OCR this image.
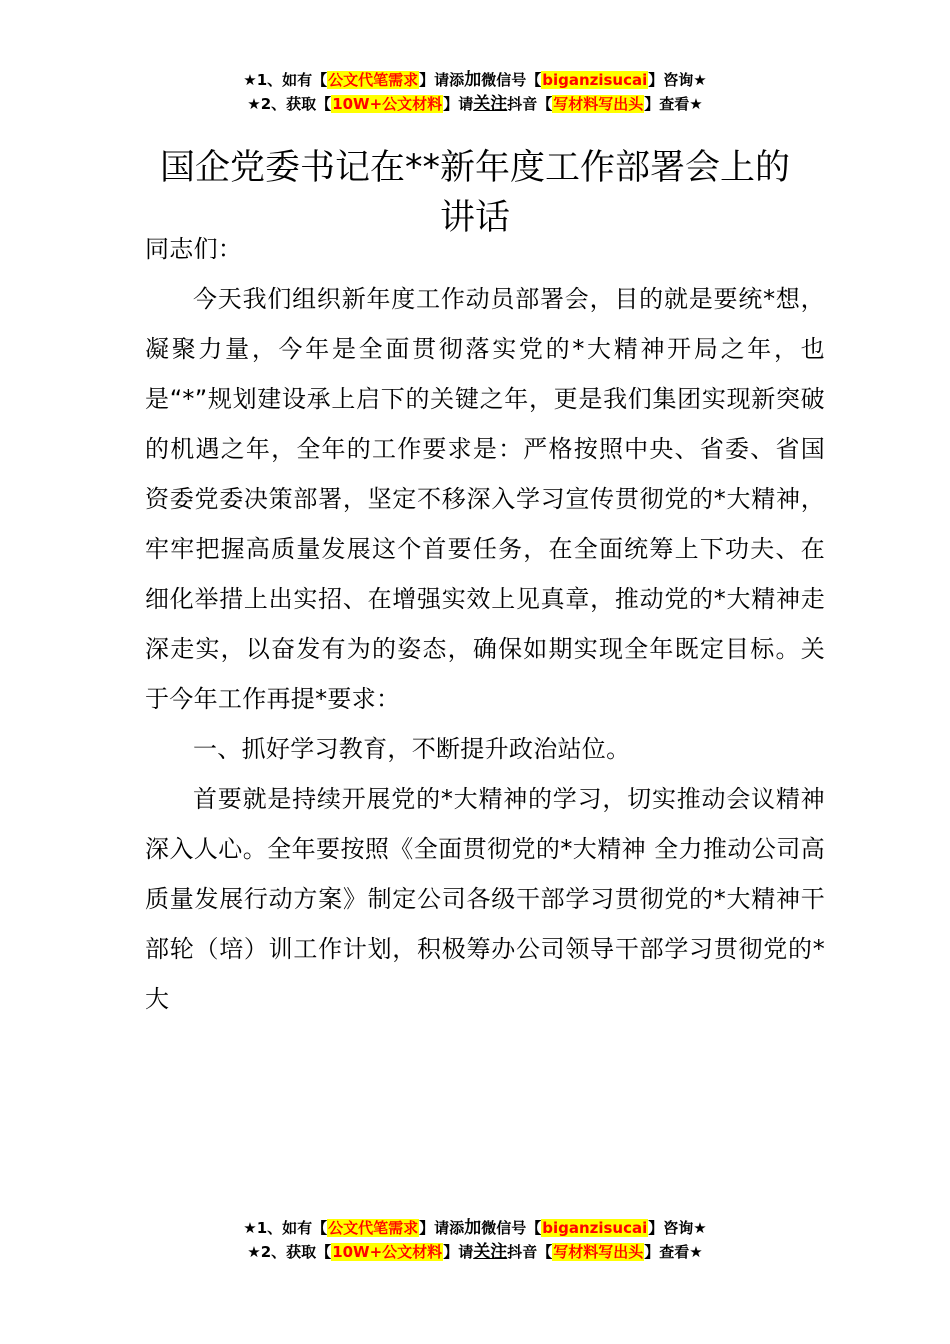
★1、如有【公文代笔需求】请添加微信号【biganzisucai】咨询★
★2、获取【10W+公文材料】请关注抖音【写材料写出头】查看★
国企党委书记在**新年度工作部署会上的讲话

同志们：

今天我们组织新年度工作动员部署会，目的就是要统*想，凝聚力量，今年是全面贯彻落实党的*大精神开局之年，也是“*”规划建设承上启下的关键之年，更是我们集团实现新突破的机遇之年，全年的工作要求是：严格按照中央、省委、省国资委党委决策部署，坚定不移深入学习宣传贯彻党的*大精神，牢牢把握高质量发展这个首要任务，在全面统筹上下功夫、在细化举措上出实招、在增强实效上见真章，推动党的*大精神走深走实，以奋发有为的姿态，确保如期实现全年既定目标。关于今年工作再提*要求：

一、抓好学习教育，不断提升政治站位。

首要就是持续开展党的*大精神的学习，切实推动会议精神深入人心。全年要按照《全面贯彻党的*大精神 全力推动公司高质量发展行动方案》制定公司各级干部学习贯彻党的*大精神干部轮（培）训工作计划，积极筹办公司领导干部学习贯彻党的*大

★1、如有【公文代笔需求】请添加微信号【biganzisucai】咨询★
★2、获取【10W+公文材料】请关注抖音【写材料写出头】查看★
